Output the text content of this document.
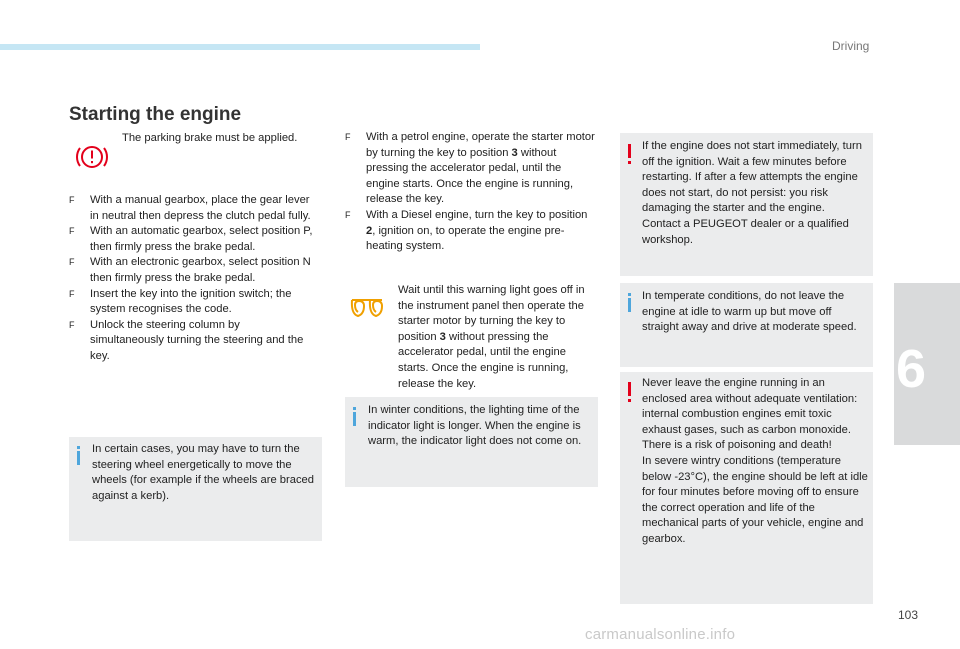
Driving
6
103
carmanualsonline.info
Starting the engine
The parking brake must be applied.
F With a manual gearbox, place the gear lever in neutral then depress the clutch pedal fully.
F With an automatic gearbox, select position P, then firmly press the brake pedal.
F With an electronic gearbox, select position N then firmly press the brake pedal.
F Insert the key into the ignition switch; the system recognises the code.
F Unlock the steering column by simultaneously turning the steering and the key.
In certain cases, you may have to turn the steering wheel energetically to move the wheels (for example if the wheels are braced against a kerb).
F With a petrol engine, operate the starter motor by turning the key to position 3 without pressing the accelerator pedal, until the engine starts. Once the engine is running, release the key.
F With a Diesel engine, turn the key to position 2, ignition on, to operate the engine pre-heating system.
Wait until this warning light goes off in the instrument panel then operate the starter motor by turning the key to position 3 without pressing the accelerator pedal, until the engine starts. Once the engine is running, release the key.
In winter conditions, the lighting time of the indicator light is longer. When the engine is warm, the indicator light does not come on.
If the engine does not start immediately, turn off the ignition. Wait a few minutes before restarting. If after a few attempts the engine does not start, do not persist: you risk damaging the starter and the engine. Contact a PEUGEOT dealer or a qualified workshop.
In temperate conditions, do not leave the engine at idle to warm up but move off straight away and drive at moderate speed.
Never leave the engine running in an enclosed area without adequate ventilation: internal combustion engines emit toxic exhaust gases, such as carbon monoxide. There is a risk of poisoning and death!
In severe wintry conditions (temperature below -23°C), the engine should be left at idle for four minutes before moving off to ensure the correct operation and life of the mechanical parts of your vehicle, engine and gearbox.
